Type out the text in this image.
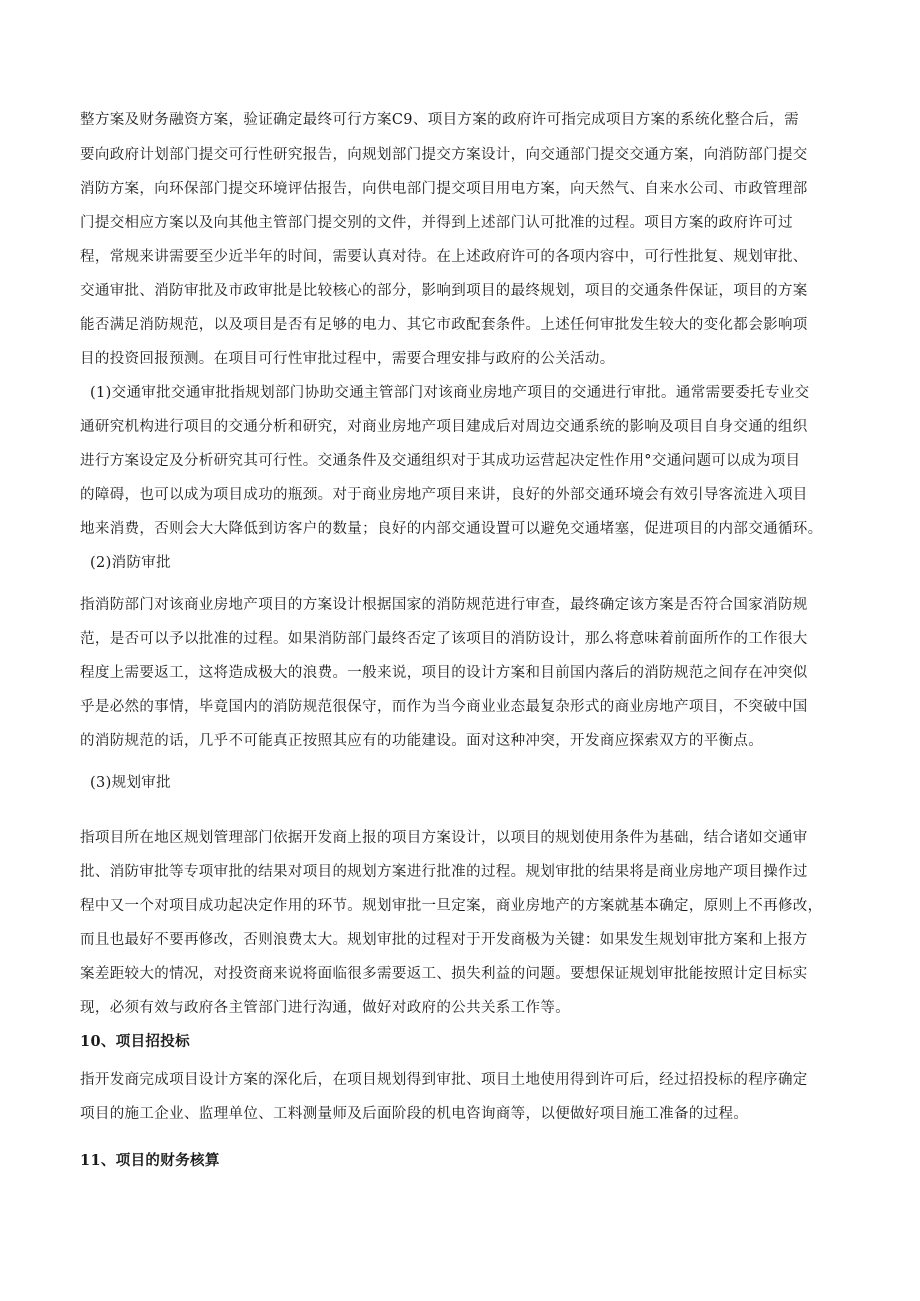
整方案及财务融资方案，验证确定最终可行方案C9、项目方案的政府许可指完成项目方案的系统化整合后，需
要向政府计划部门提交可行性研究报告，向规划部门提交方案设计，向交通部门提交交通方案，向消防部门提交
消防方案，向环保部门提交环境评估报告，向供电部门提交项目用电方案，向天然气、自来水公司、市政管理部
门提交相应方案以及向其他主管部门提交别的文件，并得到上述部门认可批准的过程。项目方案的政府许可过
程，常规来讲需要至少近半年的时间，需要认真对待。在上述政府许可的各项内容中，可行性批复、规划审批、
交通审批、消防审批及市政审批是比较核心的部分，影响到项目的最终规划，项目的交通条件保证，项目的方案
能否满足消防规范，以及项目是否有足够的电力、其它市政配套条件。上述任何审批发生较大的变化都会影响项
目的投资回报预测。在项目可行性审批过程中，需要合理安排与政府的公关活动。
(1)交通审批交通审批指规划部门协助交通主管部门对该商业房地产项目的交通进行审批。通常需要委托专业交
通研究机构进行项目的交通分析和研究，对商业房地产项目建成后对周边交通系统的影响及项目自身交通的组织
进行方案设定及分析研究其可行性。交通条件及交通组织对于其成功运营起决定性作用°交通问题可以成为项目
的障碍，也可以成为项目成功的瓶颈。对于商业房地产项目来讲，良好的外部交通环境会有效引导客流进入项目
地来消费，否则会大大降低到访客户的数量；良好的内部交通设置可以避免交通堵塞，促进项目的内部交通循环。
(2)消防审批
指消防部门对该商业房地产项目的方案设计根据国家的消防规范进行审查，最终确定该方案是否符合国家消防规
范，是否可以予以批准的过程。如果消防部门最终否定了该项目的消防设计，那么将意味着前面所作的工作很大
程度上需要返工，这将造成极大的浪费。一般来说，项目的设计方案和目前国内落后的消防规范之间存在冲突似
乎是必然的事情，毕竟国内的消防规范很保守，而作为当今商业业态最复杂形式的商业房地产项目，不突破中国
的消防规范的话，几乎不可能真正按照其应有的功能建设。面对这种冲突，开发商应探索双方的平衡点。
(3)规划审批
指项目所在地区规划管理部门依据开发商上报的项目方案设计，以项目的规划使用条件为基础，结合诸如交通审
批、消防审批等专项审批的结果对项目的规划方案进行批准的过程。规划审批的结果将是商业房地产项目操作过
程中又一个对项目成功起决定作用的环节。规划审批一旦定案，商业房地产的方案就基本确定，原则上不再修改，
而且也最好不要再修改，否则浪费太大。规划审批的过程对于开发商极为关键：如果发生规划审批方案和上报方
案差距较大的情况，对投资商来说将面临很多需要返工、损失利益的问题。要想保证规划审批能按照计定目标实
现，必须有效与政府各主管部门进行沟通，做好对政府的公共关系工作等。
10、项目招投标
指开发商完成项目设计方案的深化后，在项目规划得到审批、项目土地使用得到许可后，经过招投标的程序确定
项目的施工企业、监理单位、工料测量师及后面阶段的机电咨询商等，以便做好项目施工准备的过程。
11、项目的财务核算
